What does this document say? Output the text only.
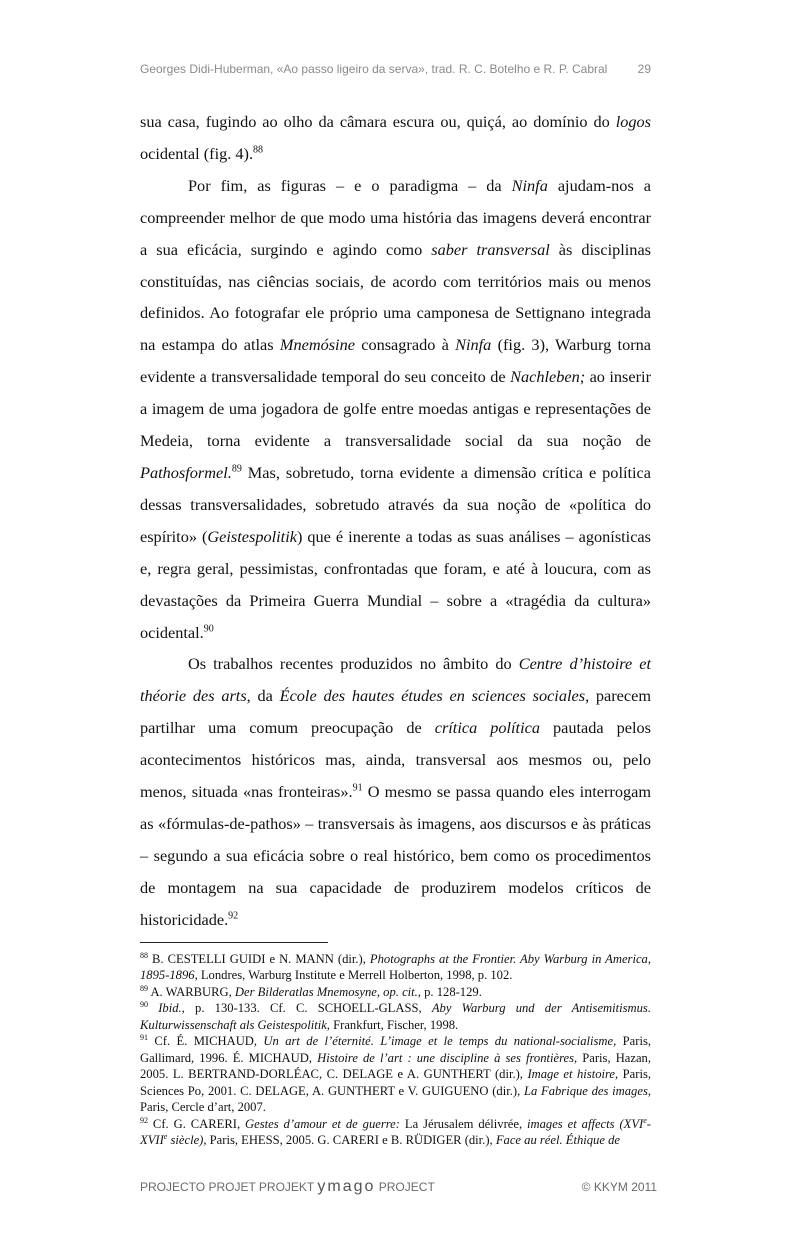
Georges Didi-Huberman, «Ao passo ligeiro da serva», trad. R. C. Botelho e R. P. Cabral	29

sua casa, fugindo ao olho da câmara escura ou, quiçá, ao domínio do logos ocidental (fig. 4).$^{88}$

Por fim, as figuras – e o paradigma – da Ninfa ajudam-nos a compreender melhor de que modo uma história das imagens deverá encontrar a sua eficácia, surgindo e agindo como saber transversal às disciplinas constituídas, nas ciências sociais, de acordo com territórios mais ou menos definidos. Ao fotografar ele próprio uma camponesa de Settignano integrada na estampa do atlas Mnemósine consagrado à Ninfa (fig. 3), Warburg torna evidente a transversalidade temporal do seu conceito de Nachleben; ao inserir a imagem de uma jogadora de golfe entre moedas antigas e representações de Medeia, torna evidente a transversalidade social da sua noção de Pathosformel.$^{89}$ Mas, sobretudo, torna evidente a dimensão crítica e política dessas transversalidades, sobretudo através da sua noção de «política do espírito» (Geistespolitik) que é inerente a todas as suas análises – agonísticas e, regra geral, pessimistas, confrontadas que foram, e até à loucura, com as devastações da Primeira Guerra Mundial – sobre a «tragédia da cultura» ocidental.$^{90}$

Os trabalhos recentes produzidos no âmbito do Centre d’histoire et théorie des arts, da École des hautes études en sciences sociales, parecem partilhar uma comum preocupação de crítica política pautada pelos acontecimentos históricos mas, ainda, transversal aos mesmos ou, pelo menos, situada «nas fronteiras».$^{91}$ O mesmo se passa quando eles interrogam as «fórmulas-de-pathos» – transversais às imagens, aos discursos e às práticas – segundo a sua eficácia sobre o real histórico, bem como os procedimentos de montagem na sua capacidade de produzirem modelos críticos de historicidade.$^{92}$

$^{88}$ B. CESTELLI GUIDI e N. MANN (dir.), Photographs at the Frontier. Aby Warburg in America, 1895-1896, Londres, Warburg Institute e Merrell Holberton, 1998, p. 102.

$^{89}$ A. WARBURG, Der Bilderatlas Mnemosyne, op. cit., p. 128-129.

$^{90}$ Ibid., p. 130-133. Cf. C. SCHOELL-GLASS, Aby Warburg und der Antisemitismus. Kulturwissenschaft als Geistespolitik, Frankfurt, Fischer, 1998.

$^{91}$ Cf. É. MICHAUD, Un art de l’éternité. L’image et le temps du national-socialisme, Paris, Gallimard, 1996. É. MICHAUD, Histoire de l’art : une discipline à ses frontières, Paris, Hazan, 2005. L. BERTRAND-DORLÉAC, C. DELAGE e A. GUNTHERT (dir.), Image et histoire, Paris, Sciences Po, 2001. C. DELAGE, A. GUNTHERT e V. GUIGUENO (dir.), La Fabrique des images, Paris, Cercle d’art, 2007.

$^{92}$ Cf. G. CARERI, Gestes d’amour et de guerre: La Jérusalem délivrée, images et affects (XVIe-XVIIe siècle), Paris, EHESS, 2005. G. CARERI e B. RÜDIGER (dir.), Face au réel. Éthique de

PROJECTO PROJET PROJEKT ymago PROJECT	© KKYM 2011
